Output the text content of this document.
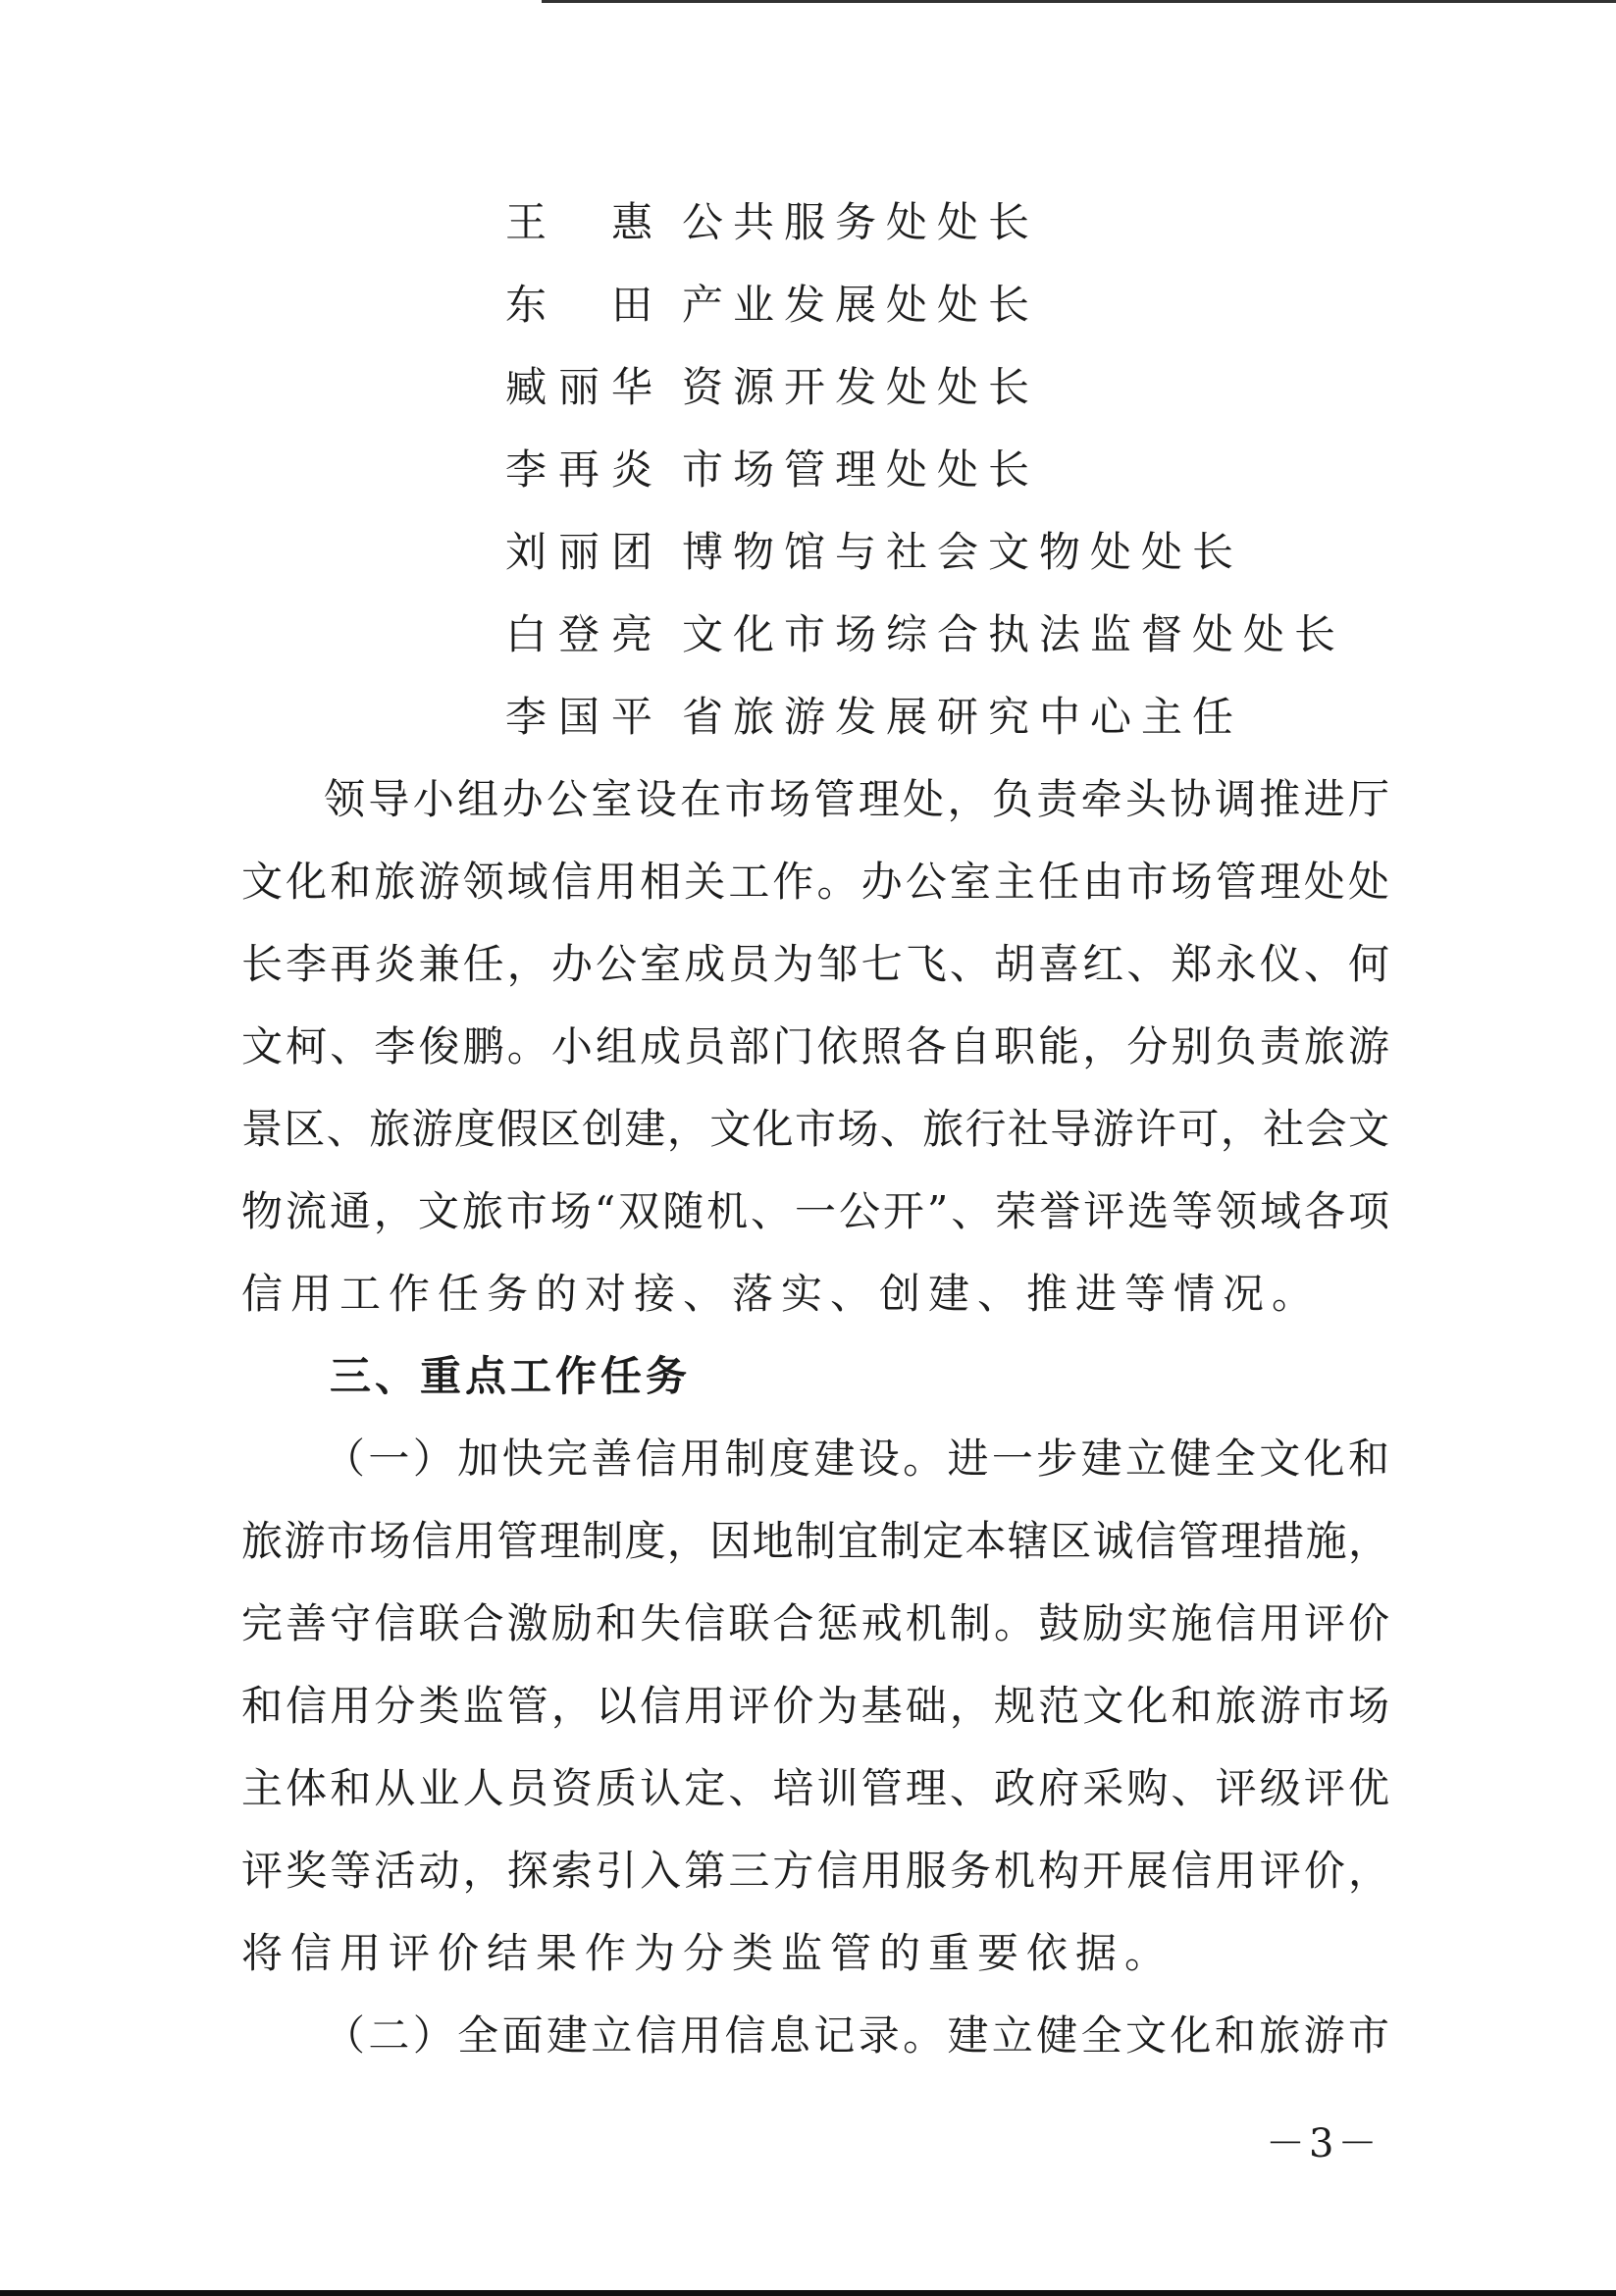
王　惠 公共服务处处长
东　田 产业发展处处长
臧丽华 资源开发处处长
李再炎 市场管理处处长
刘丽团 博物馆与社会文物处处长
白登亮 文化市场综合执法监督处处长
李国平 省旅游发展研究中心主任
领导小组办公室设在市场管理处，负责牵头协调推进厅
文化和旅游领域信用相关工作。办公室主任由市场管理处处
长李再炎兼任，办公室成员为邹七飞、胡喜红、郑永仪、何
文柯、李俊鹏。小组成员部门依照各自职能，分别负责旅游
景区、旅游度假区创建，文化市场、旅行社导游许可，社会文
物流通，文旅市场“双随机、一公开”、荣誉评选等领域各项
信用工作任务的对接、落实、创建、推进等情况。
三、重点工作任务
（一）加快完善信用制度建设。进一步建立健全文化和
旅游市场信用管理制度，因地制宜制定本辖区诚信管理措施，
完善守信联合激励和失信联合惩戒机制。鼓励实施信用评价
和信用分类监管，以信用评价为基础，规范文化和旅游市场
主体和从业人员资质认定、培训管理、政府采购、评级评优
评奖等活动，探索引入第三方信用服务机构开展信用评价，
将信用评价结果作为分类监管的重要依据。
（二）全面建立信用信息记录。建立健全文化和旅游市
－3－
